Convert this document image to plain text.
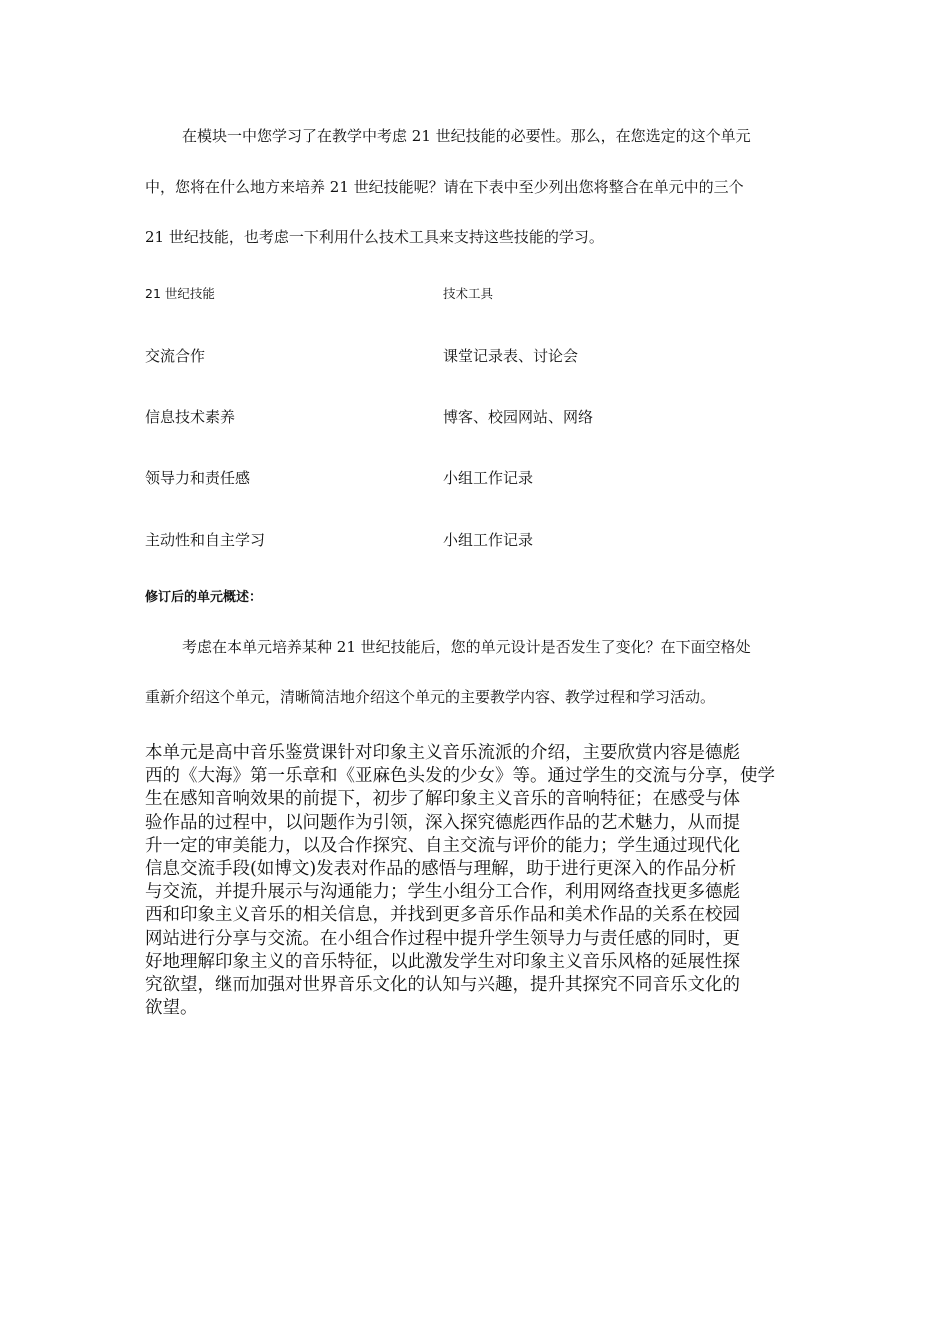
在模块一中您学习了在教学中考虑 21 世纪技能的必要性。那么，在您选定的这个单元
中，您将在什么地方来培养 21 世纪技能呢？请在下表中至少列出您将整合在单元中的三个
21 世纪技能，也考虑一下利用什么技术工具来支持这些技能的学习。
21 世纪技能	技术工具
交流合作	课堂记录表、讨论会
信息技术素养	博客、校园网站、网络
领导力和责任感	小组工作记录
主动性和自主学习	小组工作记录
修订后的单元概述：
考虑在本单元培养某种 21 世纪技能后，您的单元设计是否发生了变化？在下面空格处
重新介绍这个单元，清晰简洁地介绍这个单元的主要教学内容、教学过程和学习活动。
本单元是高中音乐鉴赏课针对印象主义音乐流派的介绍，主要欣赏内容是德彪
西的《大海》第一乐章和《亚麻色头发的少女》等。通过学生的交流与分享，使学
生在感知音响效果的前提下，初步了解印象主义音乐的音响特征；在感受与体
验作品的过程中，以问题作为引领，深入探究德彪西作品的艺术魅力，从而提
升一定的审美能力，以及合作探究、自主交流与评价的能力；学生通过现代化
信息交流手段(如博文)发表对作品的感悟与理解，助于进行更深入的作品分析
与交流，并提升展示与沟通能力；学生小组分工合作，利用网络查找更多德彪
西和印象主义音乐的相关信息，并找到更多音乐作品和美术作品的关系在校园
网站进行分享与交流。在小组合作过程中提升学生领导力与责任感的同时，更
好地理解印象主义的音乐特征，以此激发学生对印象主义音乐风格的延展性探
究欲望，继而加强对世界音乐文化的认知与兴趣，提升其探究不同音乐文化的
欲望。
